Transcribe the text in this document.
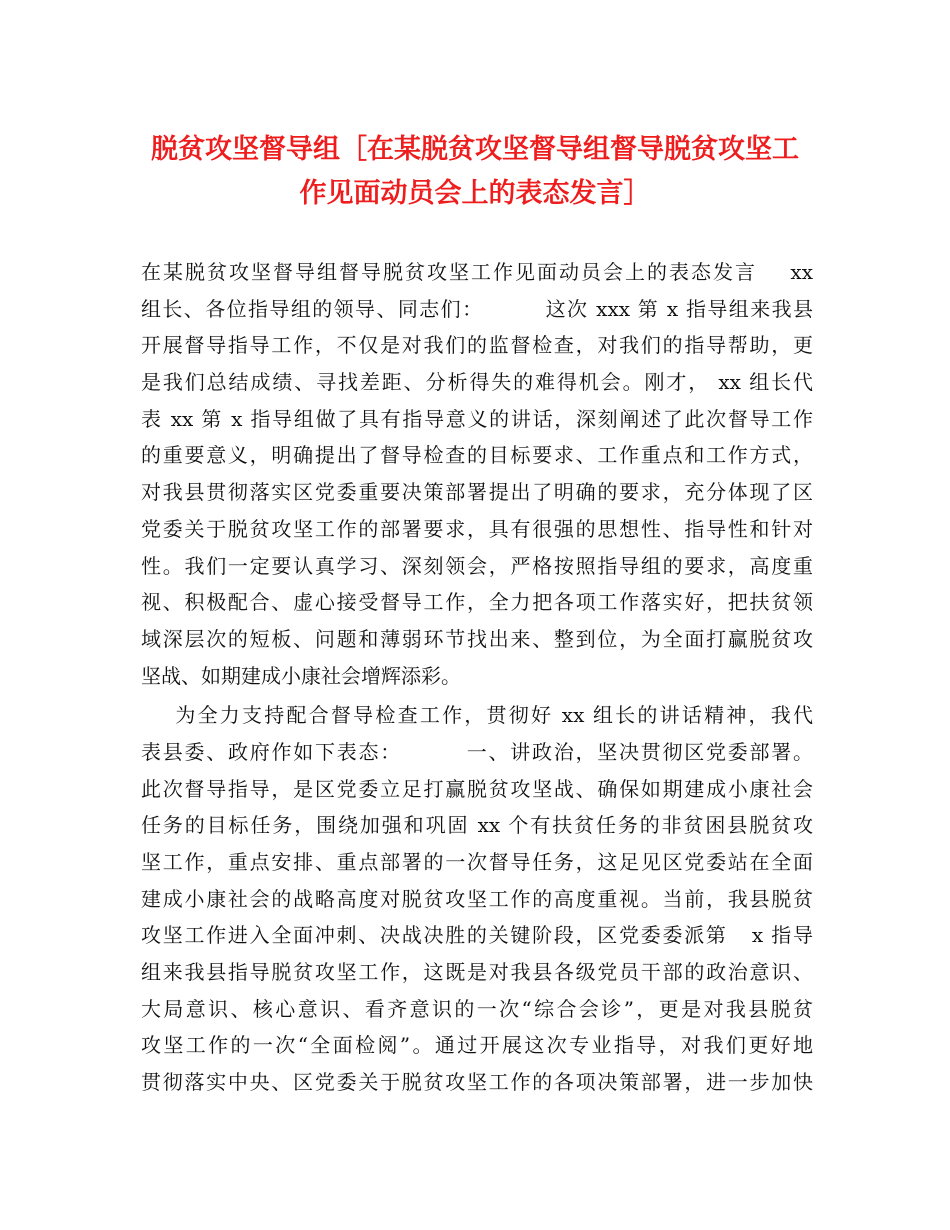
脱贫攻坚督导组［在某脱贫攻坚督导组督导脱贫攻坚工
作见面动员会上的表态发言］
在某脱贫攻坚督导组督导脱贫攻坚工作见面动员会上的表态发言    xx
组长、各位指导组的领导、同志们：        这次 xxx 第 x 指导组来我县
开展督导指导工作，不仅是对我们的监督检查，对我们的指导帮助，更
是我们总结成绩、寻找差距、分析得失的难得机会。刚才， xx 组长代
表 xx 第 x 指导组做了具有指导意义的讲话，深刻阐述了此次督导工作
的重要意义，明确提出了督导检查的目标要求、工作重点和工作方式，
对我县贯彻落实区党委重要决策部署提出了明确的要求，充分体现了区
党委关于脱贫攻坚工作的部署要求，具有很强的思想性、指导性和针对
性。我们一定要认真学习、深刻领会，严格按照指导组的要求，高度重
视、积极配合、虚心接受督导工作，全力把各项工作落实好，把扶贫领
域深层次的短板、问题和薄弱环节找出来、整到位，为全面打赢脱贫攻
坚战、如期建成小康社会增辉添彩。
为全力支持配合督导检查工作，贯彻好 xx 组长的讲话精神，我代
表县委、政府作如下表态：        一、讲政治，坚决贯彻区党委部署。
此次督导指导，是区党委立足打赢脱贫攻坚战、确保如期建成小康社会
任务的目标任务，围绕加强和巩固 xx 个有扶贫任务的非贫困县脱贫攻
坚工作，重点安排、重点部署的一次督导任务，这足见区党委站在全面
建成小康社会的战略高度对脱贫攻坚工作的高度重视。当前，我县脱贫
攻坚工作进入全面冲刺、决战决胜的关键阶段，区党委委派第   x 指导
组来我县指导脱贫攻坚工作，这既是对我县各级党员干部的政治意识、
大局意识、核心意识、看齐意识的一次“综合会诊”，更是对我县脱贫
攻坚工作的一次“全面检阅”。通过开展这次专业指导，对我们更好地
贯彻落实中央、区党委关于脱贫攻坚工作的各项决策部署，进一步加快
